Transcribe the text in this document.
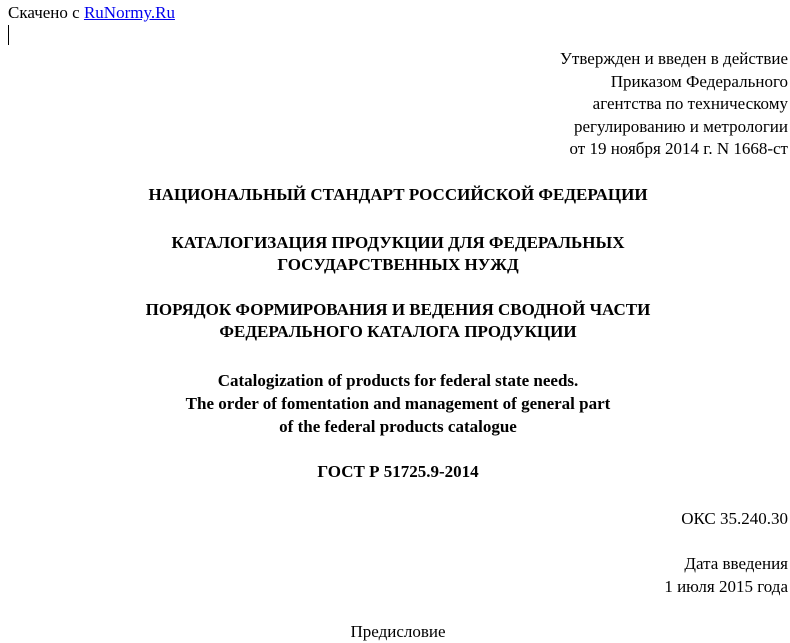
Скачено с RuNormy.Ru
Утвержден и введен в действие
Приказом Федерального
агентства по техническому
регулированию и метрологии
от 19 ноября 2014 г. N 1668-ст
НАЦИОНАЛЬНЫЙ СТАНДАРТ РОССИЙСКОЙ ФЕДЕРАЦИИ
КАТАЛОГИЗАЦИЯ ПРОДУКЦИИ ДЛЯ ФЕДЕРАЛЬНЫХ
ГОСУДАРСТВЕННЫХ НУЖД
ПОРЯДОК ФОРМИРОВАНИЯ И ВЕДЕНИЯ СВОДНОЙ ЧАСТИ
ФЕДЕРАЛЬНОГО КАТАЛОГА ПРОДУКЦИИ
Catalogization of products for federal state needs.
The order of fomentation and management of general part
of the federal products catalogue
ГОСТ Р 51725.9-2014
ОКС 35.240.30
Дата введения
1 июля 2015 года
Предисловие
